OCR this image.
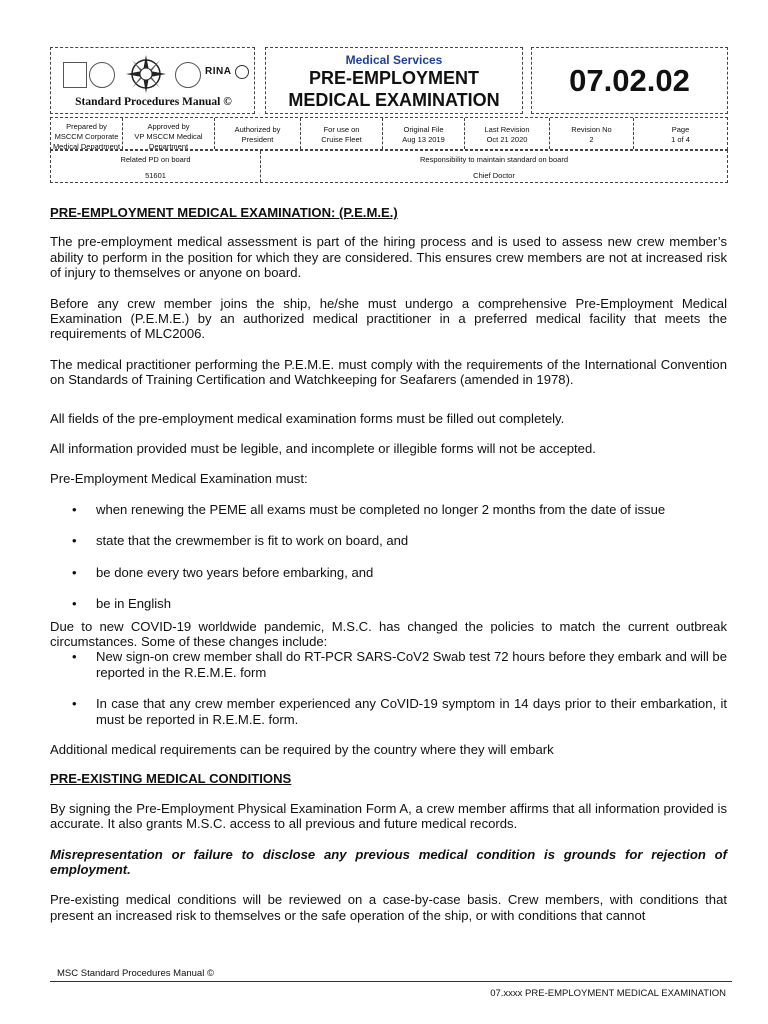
RINA
Standard Procedures Manual ©
Medical Services
PRE-EMPLOYMENT
MEDICAL EXAMINATION
07.02.02
Prepared by
MSCCM Corporate
Medical Department
Approved by
VP MSCCM Medical
Department
Authorized by
President
For use on
Cruise Fleet
Original File
Aug 13 2019
Last Revision
Oct 21 2020
Revision No
2
Page
1 of 4
Related PD on board
51601
Responsibility to maintain standard on board
Chief Doctor

PRE-EMPLOYMENT MEDICAL EXAMINATION: (P.E.M.E.)

The pre-employment medical assessment is part of the hiring process and is used to assess new crew member’s ability to perform in the position for which they are considered. This ensures crew members are not at increased risk of injury to themselves or anyone on board.

Before any crew member joins the ship, he/she must undergo a comprehensive Pre-Employment Medical Examination (P.E.M.E.) by an authorized medical practitioner in a preferred medical facility that meets the requirements of MLC2006.

The medical practitioner performing the P.E.M.E. must comply with the requirements of the International Convention on Standards of Training Certification and Watchkeeping for Seafarers (amended in 1978).

All fields of the pre-employment medical examination forms must be filled out completely.

All information provided must be legible, and incomplete or illegible forms will not be accepted.

Pre-Employment Medical Examination must:

• when renewing the PEME all exams must be completed no longer 2 months from the date of issue
• state that the crewmember is fit to work on board, and
• be done every two years before embarking, and
• be in English

Due to new COVID-19 worldwide pandemic, M.S.C. has changed the policies to match the current outbreak circumstances. Some of these changes include:

• New sign-on crew member shall do RT-PCR SARS-CoV2 Swab test 72 hours before they embark and will be reported in the R.E.M.E. form
• In case that any crew member experienced any CoVID-19 symptom in 14 days prior to their embarkation, it must be reported in R.E.M.E. form.

Additional medical requirements can be required by the country where they will embark

PRE-EXISTING MEDICAL CONDITIONS

By signing the Pre-Employment Physical Examination Form A, a crew member affirms that all information provided is accurate. It also grants M.S.C. access to all previous and future medical records.

Misrepresentation or failure to disclose any previous medical condition is grounds for rejection of employment.

Pre-existing medical conditions will be reviewed on a case-by-case basis. Crew members, with conditions that present an increased risk to themselves or the safe operation of the ship, or with conditions that cannot

MSC Standard Procedures Manual ©
07.xxxx PRE-EMPLOYMENT MEDICAL EXAMINATION
